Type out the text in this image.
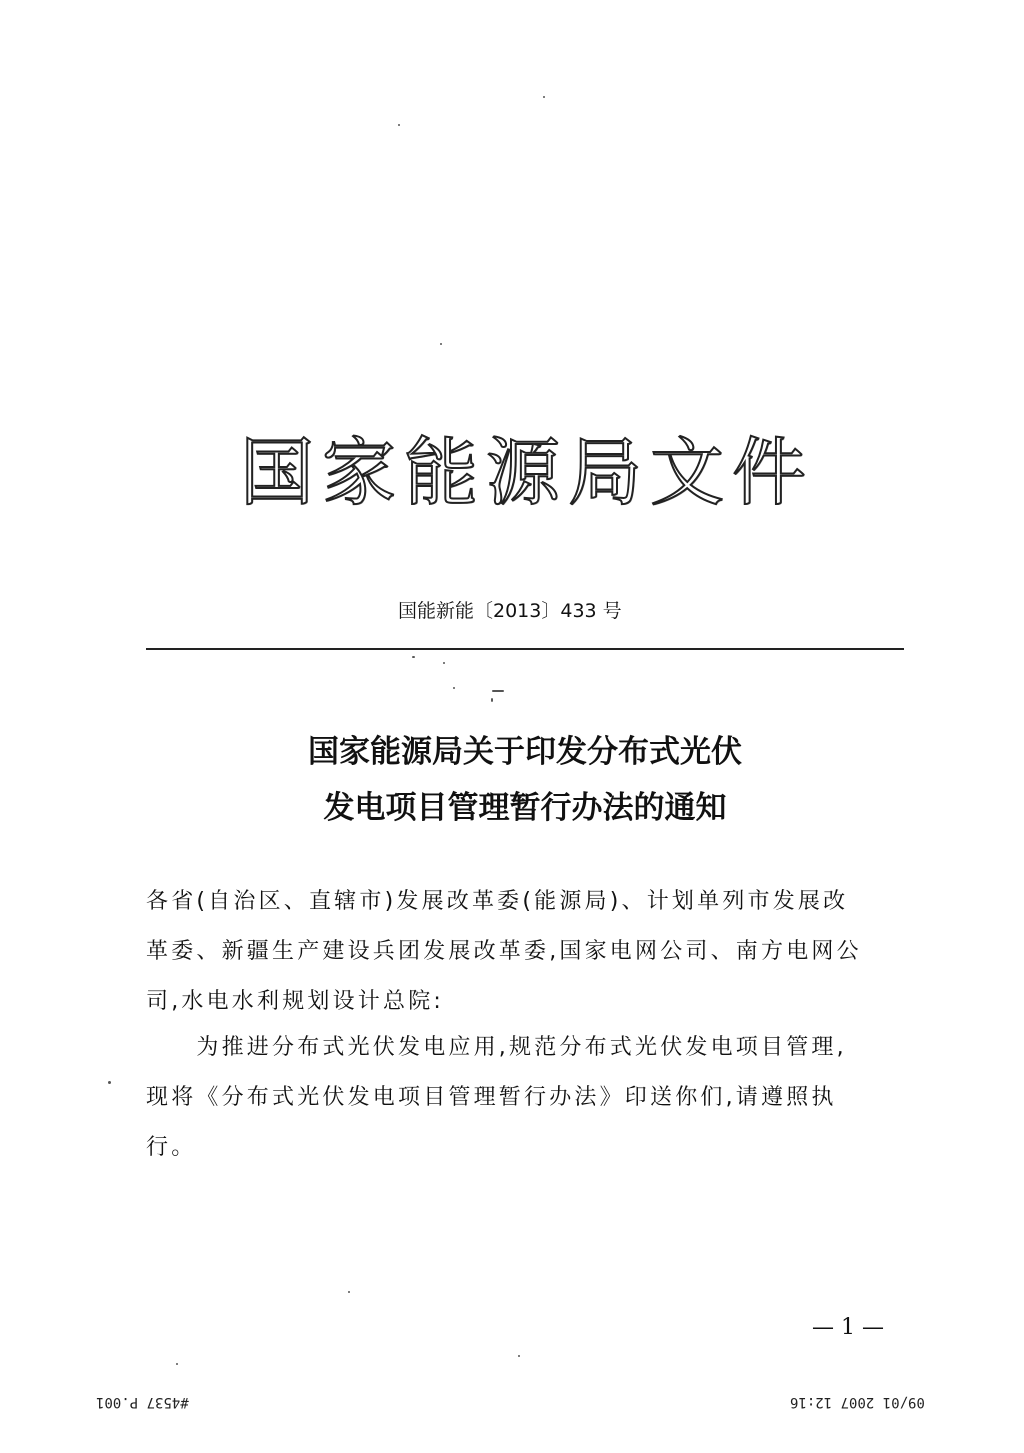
国家能源局文件
国能新能〔2013〕433 号
国家能源局关于印发分布式光伏
发电项目管理暂行办法的通知
各省(自治区、直辖市)发展改革委(能源局)、计划单列市发展改
革委、新疆生产建设兵团发展改革委,国家电网公司、南方电网公
司,水电水利规划设计总院:
　　为推进分布式光伏发电应用,规范分布式光伏发电项目管理,
现将《分布式光伏发电项目管理暂行办法》印送你们,请遵照执
行。
— 1 —
#4537 P.001	09/01 2007 12:16
